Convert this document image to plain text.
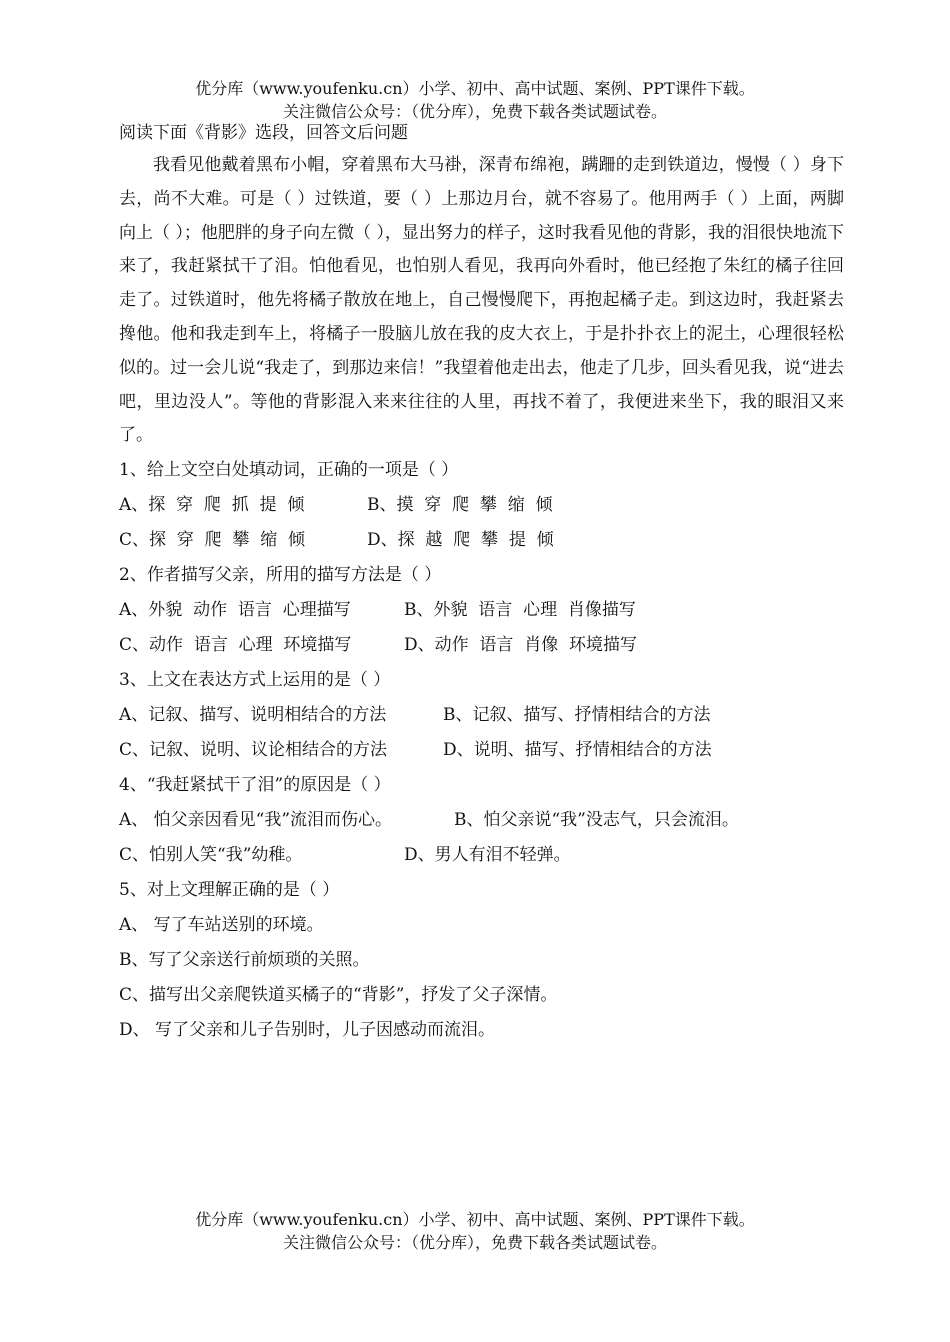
优分库（www.youfenku.cn）小学、初中、高中试题、案例、PPT课件下载。
关注微信公众号：（优分库），免费下载各类试题试卷。
阅读下面《背影》选段，回答文后问题

我看见他戴着黑布小帽，穿着黑布大马褂，深青布绵袍，蹒跚的走到铁道边，慢慢（ ）身下去，尚不大难。可是（ ）过铁道，要（ ）上那边月台，就不容易了。他用两手（ ）上面，两脚向上（ ）；他肥胖的身子向左微（ ），显出努力的样子，这时我看见他的背影，我的泪很快地流下来了，我赶紧拭干了泪。怕他看见，也怕别人看见，我再向外看时，他已经抱了朱红的橘子往回走了。过铁道时，他先将橘子散放在地上，自己慢慢爬下，再抱起橘子走。到这边时，我赶紧去搀他。他和我走到车上，将橘子一股脑儿放在我的皮大衣上，于是扑扑衣上的泥土，心理很轻松似的。过一会儿说“我走了，到那边来信！”我望着他走出去，他走了几步，回头看见我，说“进去吧，里边没人”。等他的背影混入来来往往的人里，再找不着了，我便进来坐下，我的眼泪又来了。

1、给上文空白处填动词，正确的一项是（ ）
A、探  穿  爬  抓  提  倾	B、摸  穿  爬  攀  缩  倾
C、探  穿  爬  攀  缩  倾	D、探  越  爬  攀  提  倾
2、作者描写父亲，所用的描写方法是（ ）
A、外貌  动作  语言  心理描写	B、外貌  语言  心理  肖像描写
C、动作  语言  心理  环境描写	D、动作  语言  肖像  环境描写
3、上文在表达方式上运用的是（ ）
A、记叙、描写、说明相结合的方法	B、记叙、描写、抒情相结合的方法
C、记叙、说明、议论相结合的方法	D、说明、描写、抒情相结合的方法
4、“我赶紧拭干了泪”的原因是（ ）
A、 怕父亲因看见“我”流泪而伤心。	B、怕父亲说“我”没志气，只会流泪。
C、怕别人笑“我”幼稚。	D、男人有泪不轻弹。
5、对上文理解正确的是（ ）
A、 写了车站送别的环境。
B、写了父亲送行前烦琐的关照。
C、描写出父亲爬铁道买橘子的“背影”，抒发了父子深情。
D、 写了父亲和儿子告别时，儿子因感动而流泪。
优分库（www.youfenku.cn）小学、初中、高中试题、案例、PPT课件下载。
关注微信公众号：（优分库），免费下载各类试题试卷。
